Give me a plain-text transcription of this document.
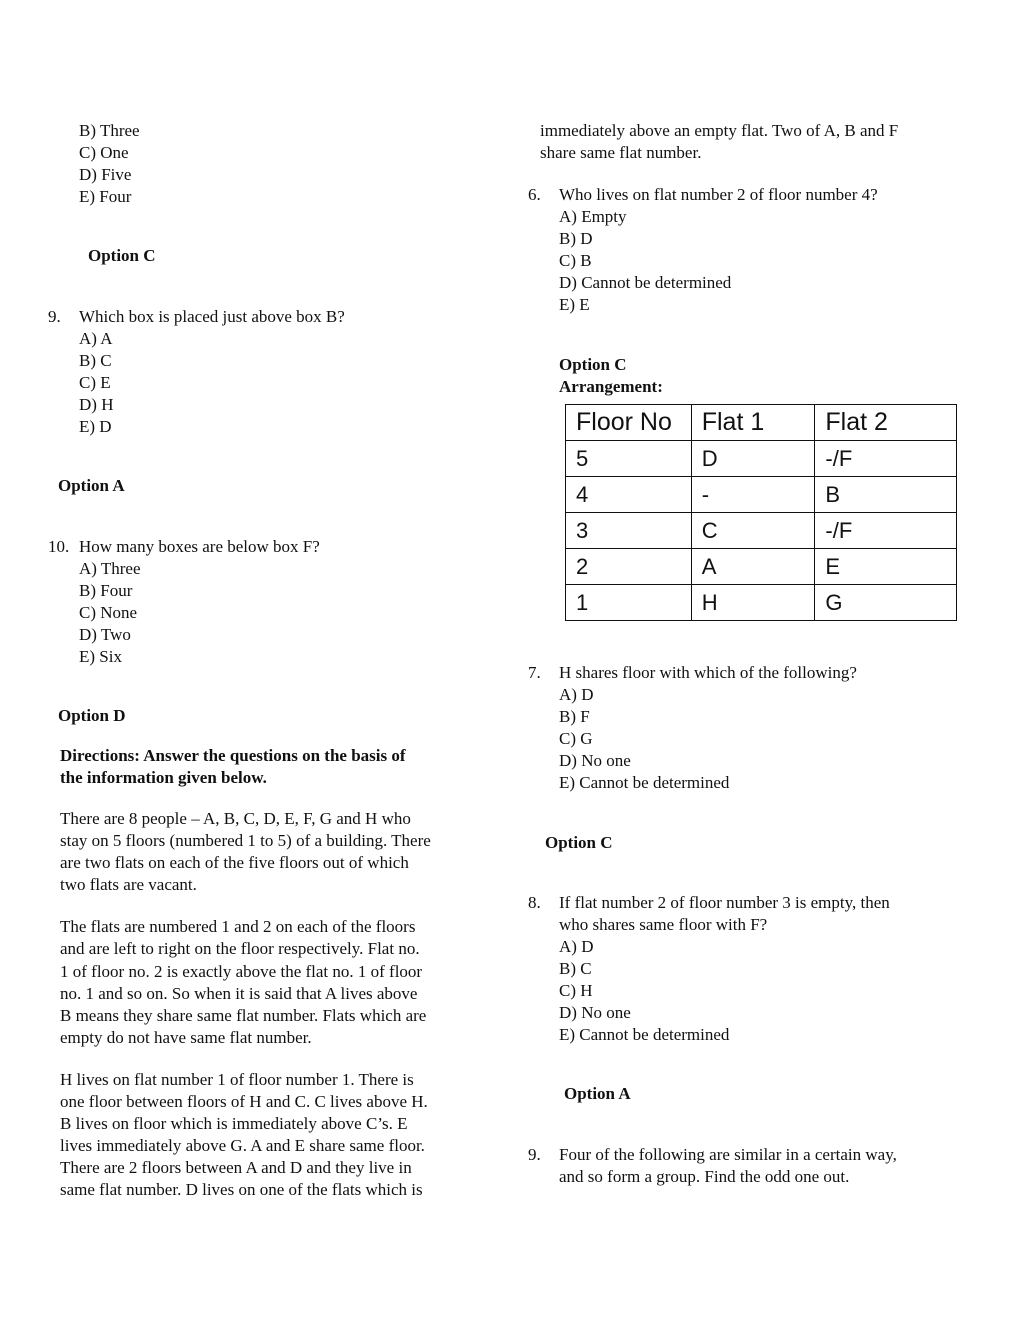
B) Three
C) One
D) Five
E) Four
Option C
9. Which box is placed just above box B?
A) A
B) C
C) E
D) H
E) D
Option A
10. How many boxes are below box F?
A) Three
B) Four
C) None
D) Two
E) Six
Option D
Directions: Answer the questions on the basis of
the information given below.
There are 8 people – A, B, C, D, E, F, G and H who
stay on 5 floors (numbered 1 to 5) of a building. There
are two flats on each of the five floors out of which
two flats are vacant.
The flats are numbered 1 and 2 on each of the floors
and are left to right on the floor respectively. Flat no.
1 of floor no. 2 is exactly above the flat no. 1 of floor
no. 1 and so on. So when it is said that A lives above
B means they share same flat number. Flats which are
empty do not have same flat number.
H lives on flat number 1 of floor number 1. There is
one floor between floors of H and C. C lives above H.
B lives on floor which is immediately above C’s. E
lives immediately above G. A and E share same floor.
There are 2 floors between A and D and they live in
same flat number. D lives on one of the flats which is
immediately above an empty flat. Two of A, B and F
share same flat number.
6. Who lives on flat number 2 of floor number 4?
A) Empty
B) D
C) B
D) Cannot be determined
E) E
Option C
Arrangement:
Floor No	Flat 1	Flat 2
5	D	-/F
4	-	B
3	C	-/F
2	A	E
1	H	G
7. H shares floor with which of the following?
A) D
B) F
C) G
D) No one
E) Cannot be determined
Option C
8. If flat number 2 of floor number 3 is empty, then
who shares same floor with F?
A) D
B) C
C) H
D) No one
E) Cannot be determined
Option A
9. Four of the following are similar in a certain way,
and so form a group. Find the odd one out.
